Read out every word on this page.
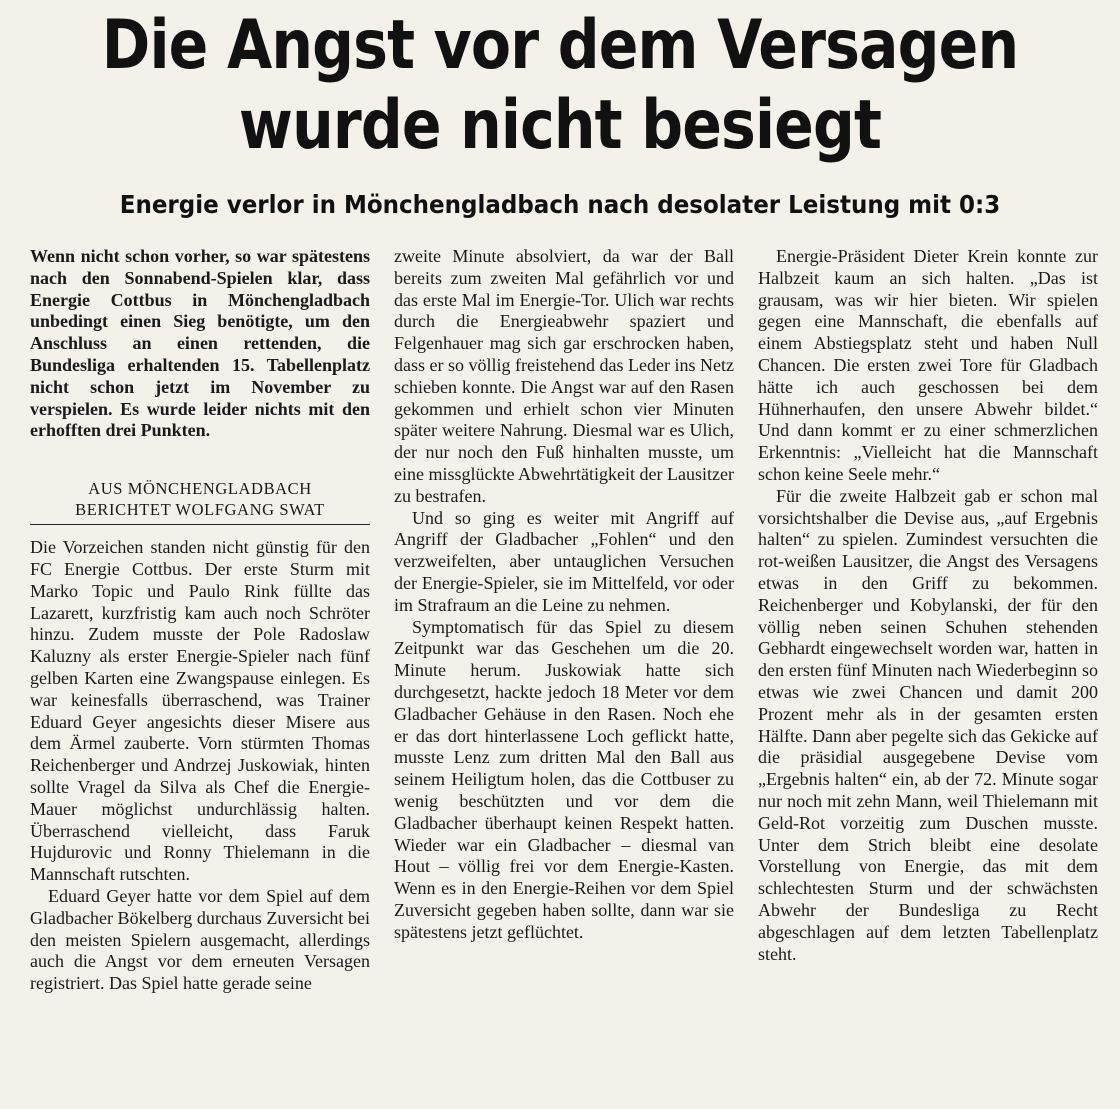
Die Angst vor dem Versagen
wurde nicht besiegt
Energie verlor in Mönchengladbach nach desolater Leistung mit 0:3

Wenn nicht schon vorher, so war spätestens nach den Sonnabend-Spielen klar, dass Energie Cottbus in Mönchengladbach unbedingt einen Sieg benötigte, um den Anschluss an einen rettenden, die Bundesliga erhaltenden 15. Tabellenplatz nicht schon jetzt im November zu verspielen. Es wurde leider nichts mit den erhofften drei Punkten.

AUS MÖNCHENGLADBACH
BERICHTET WOLFGANG SWAT

Die Vorzeichen standen nicht günstig für den FC Energie Cottbus. Der erste Sturm mit Marko Topic und Paulo Rink füllte das Lazarett, kurzfristig kam auch noch Schröter hinzu. Zudem musste der Pole Radoslaw Kaluzny als erster Energie-Spieler nach fünf gelben Karten eine Zwangspause einlegen. Es war keinesfalls überraschend, was Trainer Eduard Geyer angesichts dieser Misere aus dem Ärmel zauberte. Vorn stürmten Thomas Reichenberger und Andrzej Juskowiak, hinten sollte Vragel da Silva als Chef die Energie-Mauer möglichst undurchlässig halten. Überraschend vielleicht, dass Faruk Hujdurovic und Ronny Thielemann in die Mannschaft rutschten.

Eduard Geyer hatte vor dem Spiel auf dem Gladbacher Bökelberg durchaus Zuversicht bei den meisten Spielern ausgemacht, allerdings auch die Angst vor dem erneuten Versagen registriert. Das Spiel hatte gerade seine

zweite Minute absolviert, da war der Ball bereits zum zweiten Mal gefährlich vor und das erste Mal im Energie-Tor. Ulich war rechts durch die Energieabwehr spaziert und Felgenhauer mag sich gar erschrocken haben, dass er so völlig freistehend das Leder ins Netz schieben konnte. Die Angst war auf den Rasen gekommen und erhielt schon vier Minuten später weitere Nahrung. Diesmal war es Ulich, der nur noch den Fuß hinhalten musste, um eine missglückte Abwehrtätigkeit der Lausitzer zu bestrafen.

Und so ging es weiter mit Angriff auf Angriff der Gladbacher „Fohlen“ und den verzweifelten, aber untauglichen Versuchen der Energie-Spieler, sie im Mittelfeld, vor oder im Strafraum an die Leine zu nehmen.

Symptomatisch für das Spiel zu diesem Zeitpunkt war das Geschehen um die 20. Minute herum. Juskowiak hatte sich durchgesetzt, hackte jedoch 18 Meter vor dem Gladbacher Gehäuse in den Rasen. Noch ehe er das dort hinterlassene Loch geflickt hatte, musste Lenz zum dritten Mal den Ball aus seinem Heiligtum holen, das die Cottbuser zu wenig beschützten und vor dem die Gladbacher überhaupt keinen Respekt hatten. Wieder war ein Gladbacher – diesmal van Hout – völlig frei vor dem Energie-Kasten. Wenn es in den Energie-Reihen vor dem Spiel Zuversicht gegeben haben sollte, dann war sie spätestens jetzt geflüchtet.

Energie-Präsident Dieter Krein konnte zur Halbzeit kaum an sich halten. „Das ist grausam, was wir hier bieten. Wir spielen gegen eine Mannschaft, die ebenfalls auf einem Abstiegsplatz steht und haben Null Chancen. Die ersten zwei Tore für Gladbach hätte ich auch geschossen bei dem Hühnerhaufen, den unsere Abwehr bildet.“ Und dann kommt er zu einer schmerzlichen Erkenntnis: „Vielleicht hat die Mannschaft schon keine Seele mehr.“

Für die zweite Halbzeit gab er schon mal vorsichtshalber die Devise aus, „auf Ergebnis halten“ zu spielen. Zumindest versuchten die rot-weißen Lausitzer, die Angst des Versagens etwas in den Griff zu bekommen. Reichenberger und Kobylanski, der für den völlig neben seinen Schuhen stehenden Gebhardt eingewechselt worden war, hatten in den ersten fünf Minuten nach Wiederbeginn so etwas wie zwei Chancen und damit 200 Prozent mehr als in der gesamten ersten Hälfte. Dann aber pegelte sich das Gekicke auf die präsidial ausgegebene Devise vom „Ergebnis halten“ ein, ab der 72. Minute sogar nur noch mit zehn Mann, weil Thielemann mit Geld-Rot vorzeitig zum Duschen musste. Unter dem Strich bleibt eine desolate Vorstellung von Energie, das mit dem schlechtesten Sturm und der schwächsten Abwehr der Bundesliga zu Recht abgeschlagen auf dem letzten Tabellenplatz steht.
